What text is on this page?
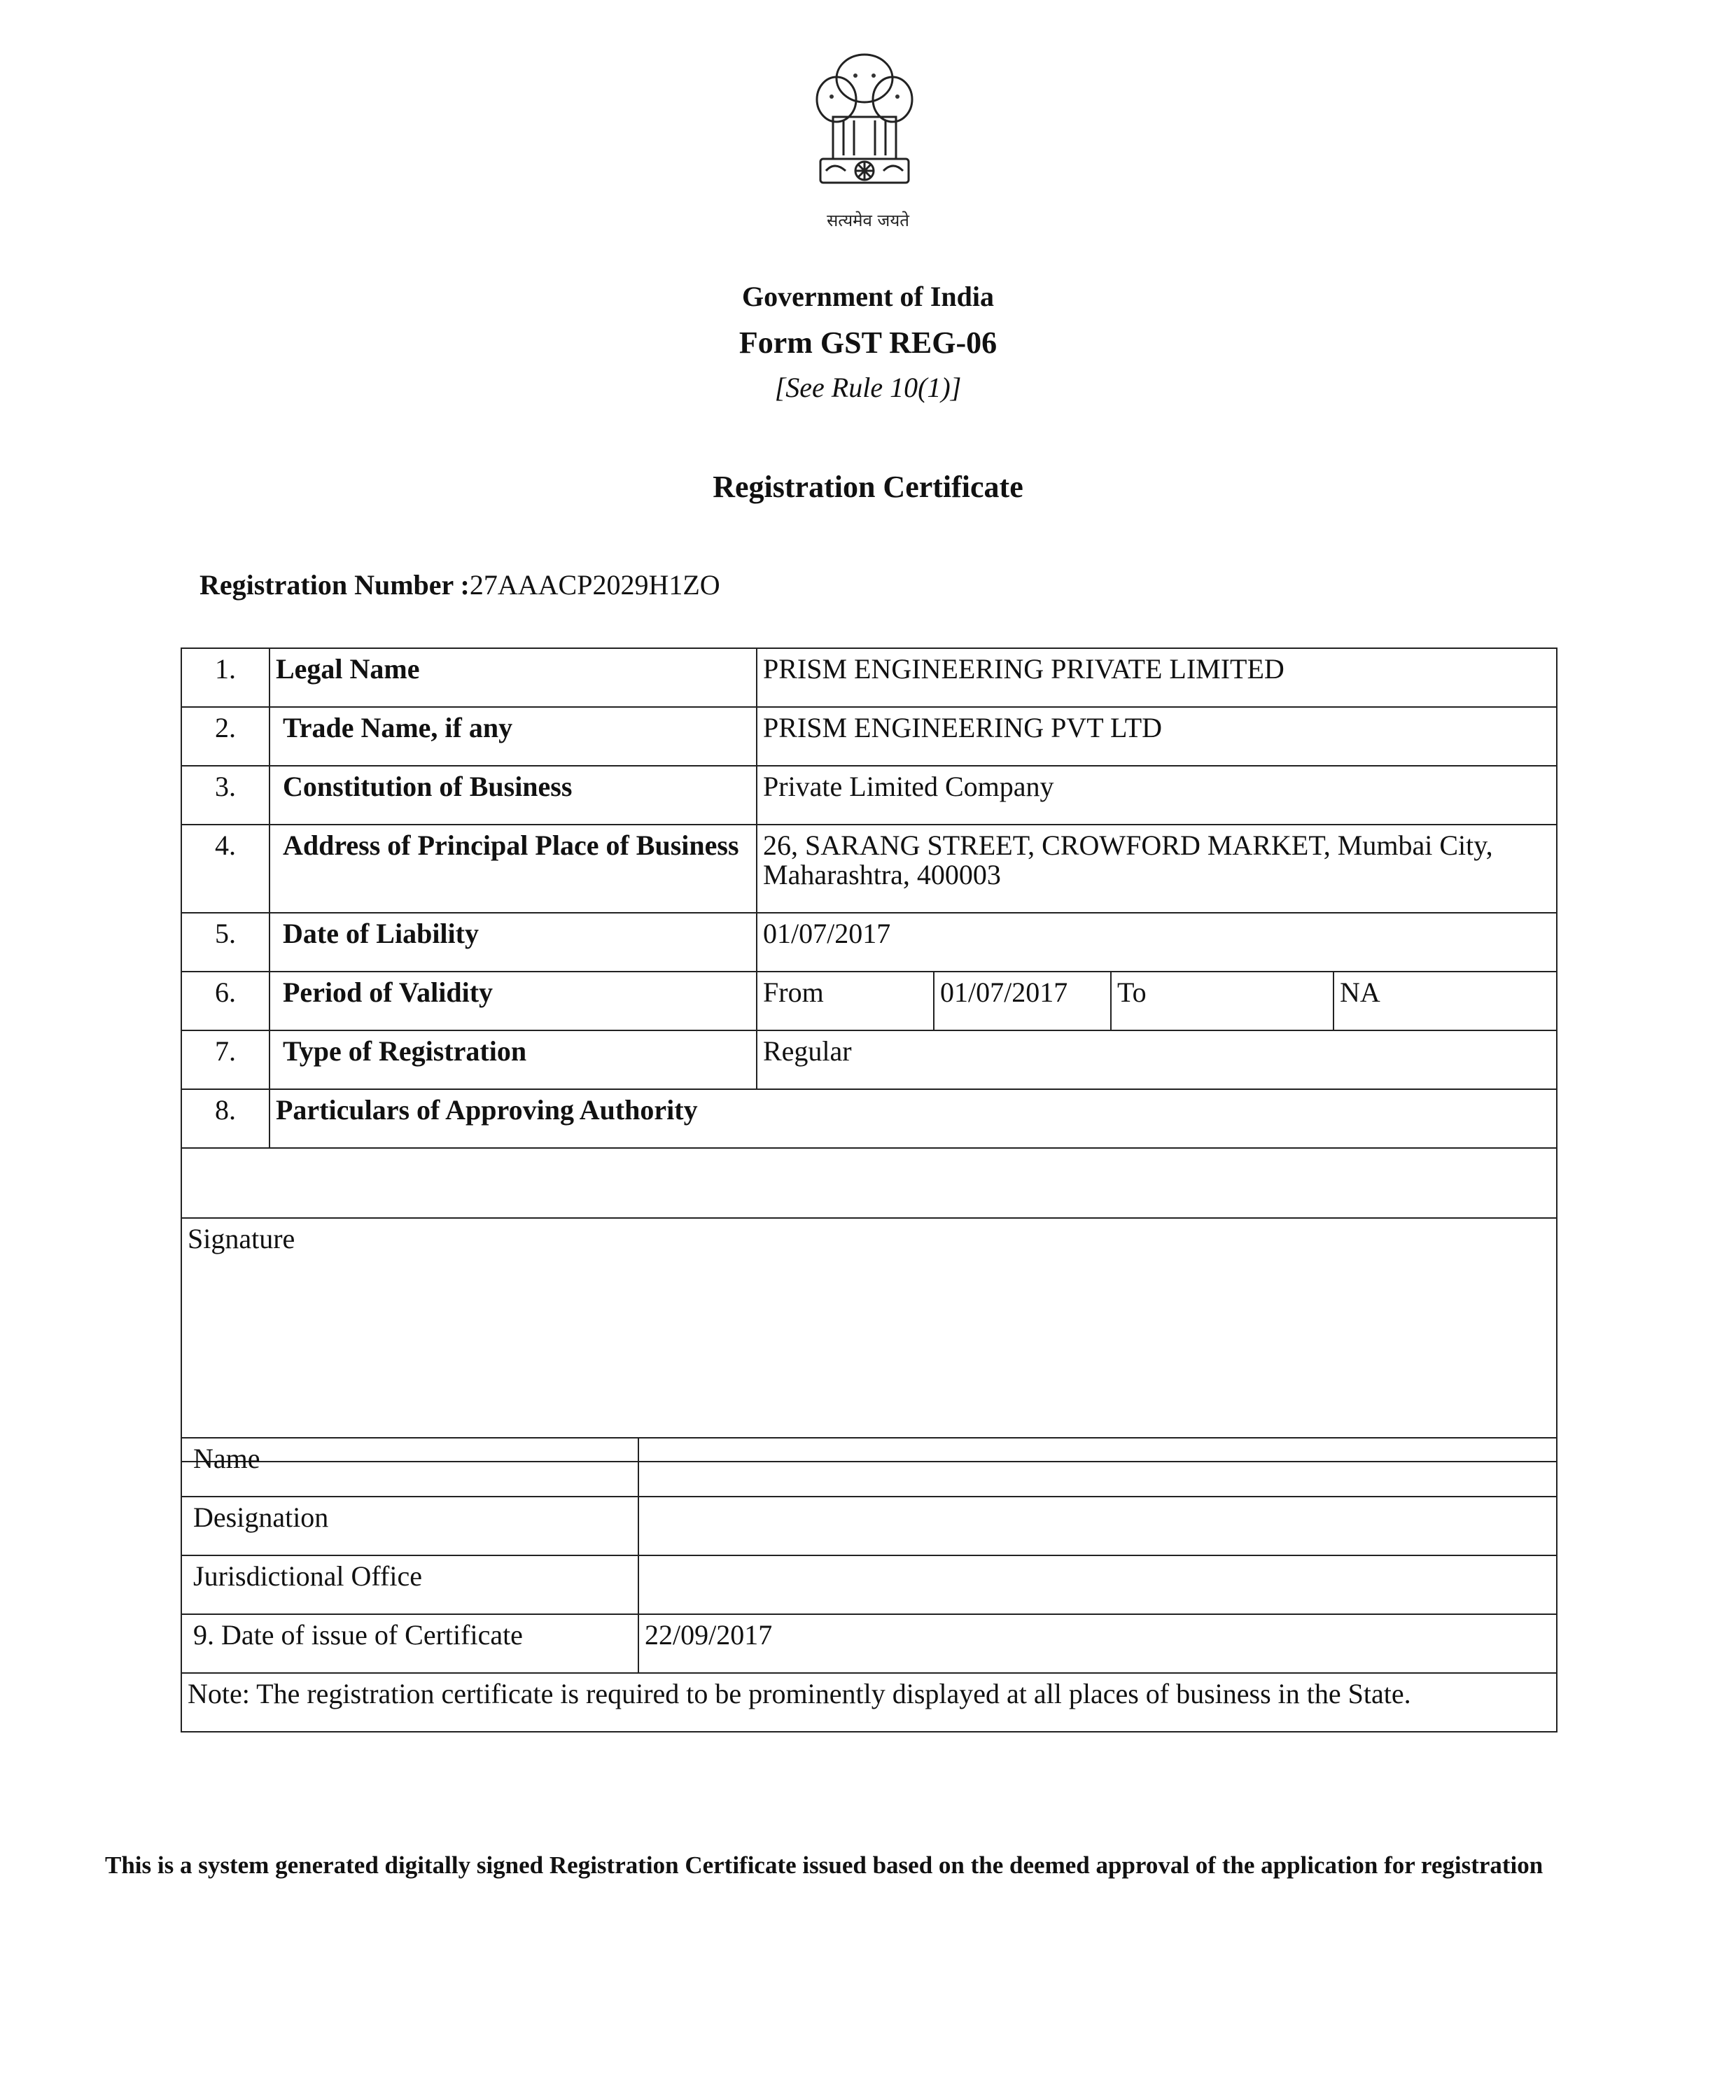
सत्यमेव जयते
Government of India
Form GST REG-06
[See Rule 10(1)]
Registration Certificate
Registration Number :27AAACP2029H1ZO
1.	Legal Name	PRISM ENGINEERING PRIVATE LIMITED			
2.	Trade Name, if any	PRISM ENGINEERING PVT LTD			
3.	Constitution of Business	Private Limited Company			
4.	Address of Principal Place of Business	26, SARANG STREET, CROWFORD MARKET, Mumbai City, Maharashtra, 400003			
5.	Date of Liability	01/07/2017			
6.	Period of Validity	From	01/07/2017	To	NA
7.	Type of Registration	Regular			
8.	Particulars of Approving Authority				

Signature					
Name	
Designation	
Jurisdictional Office	
9. Date of issue of Certificate	22/09/2017
Note: The registration certificate is required to be prominently displayed at all places of business in the State.	
This is a system generated digitally signed Registration Certificate issued based on the deemed approval of the application for registration
